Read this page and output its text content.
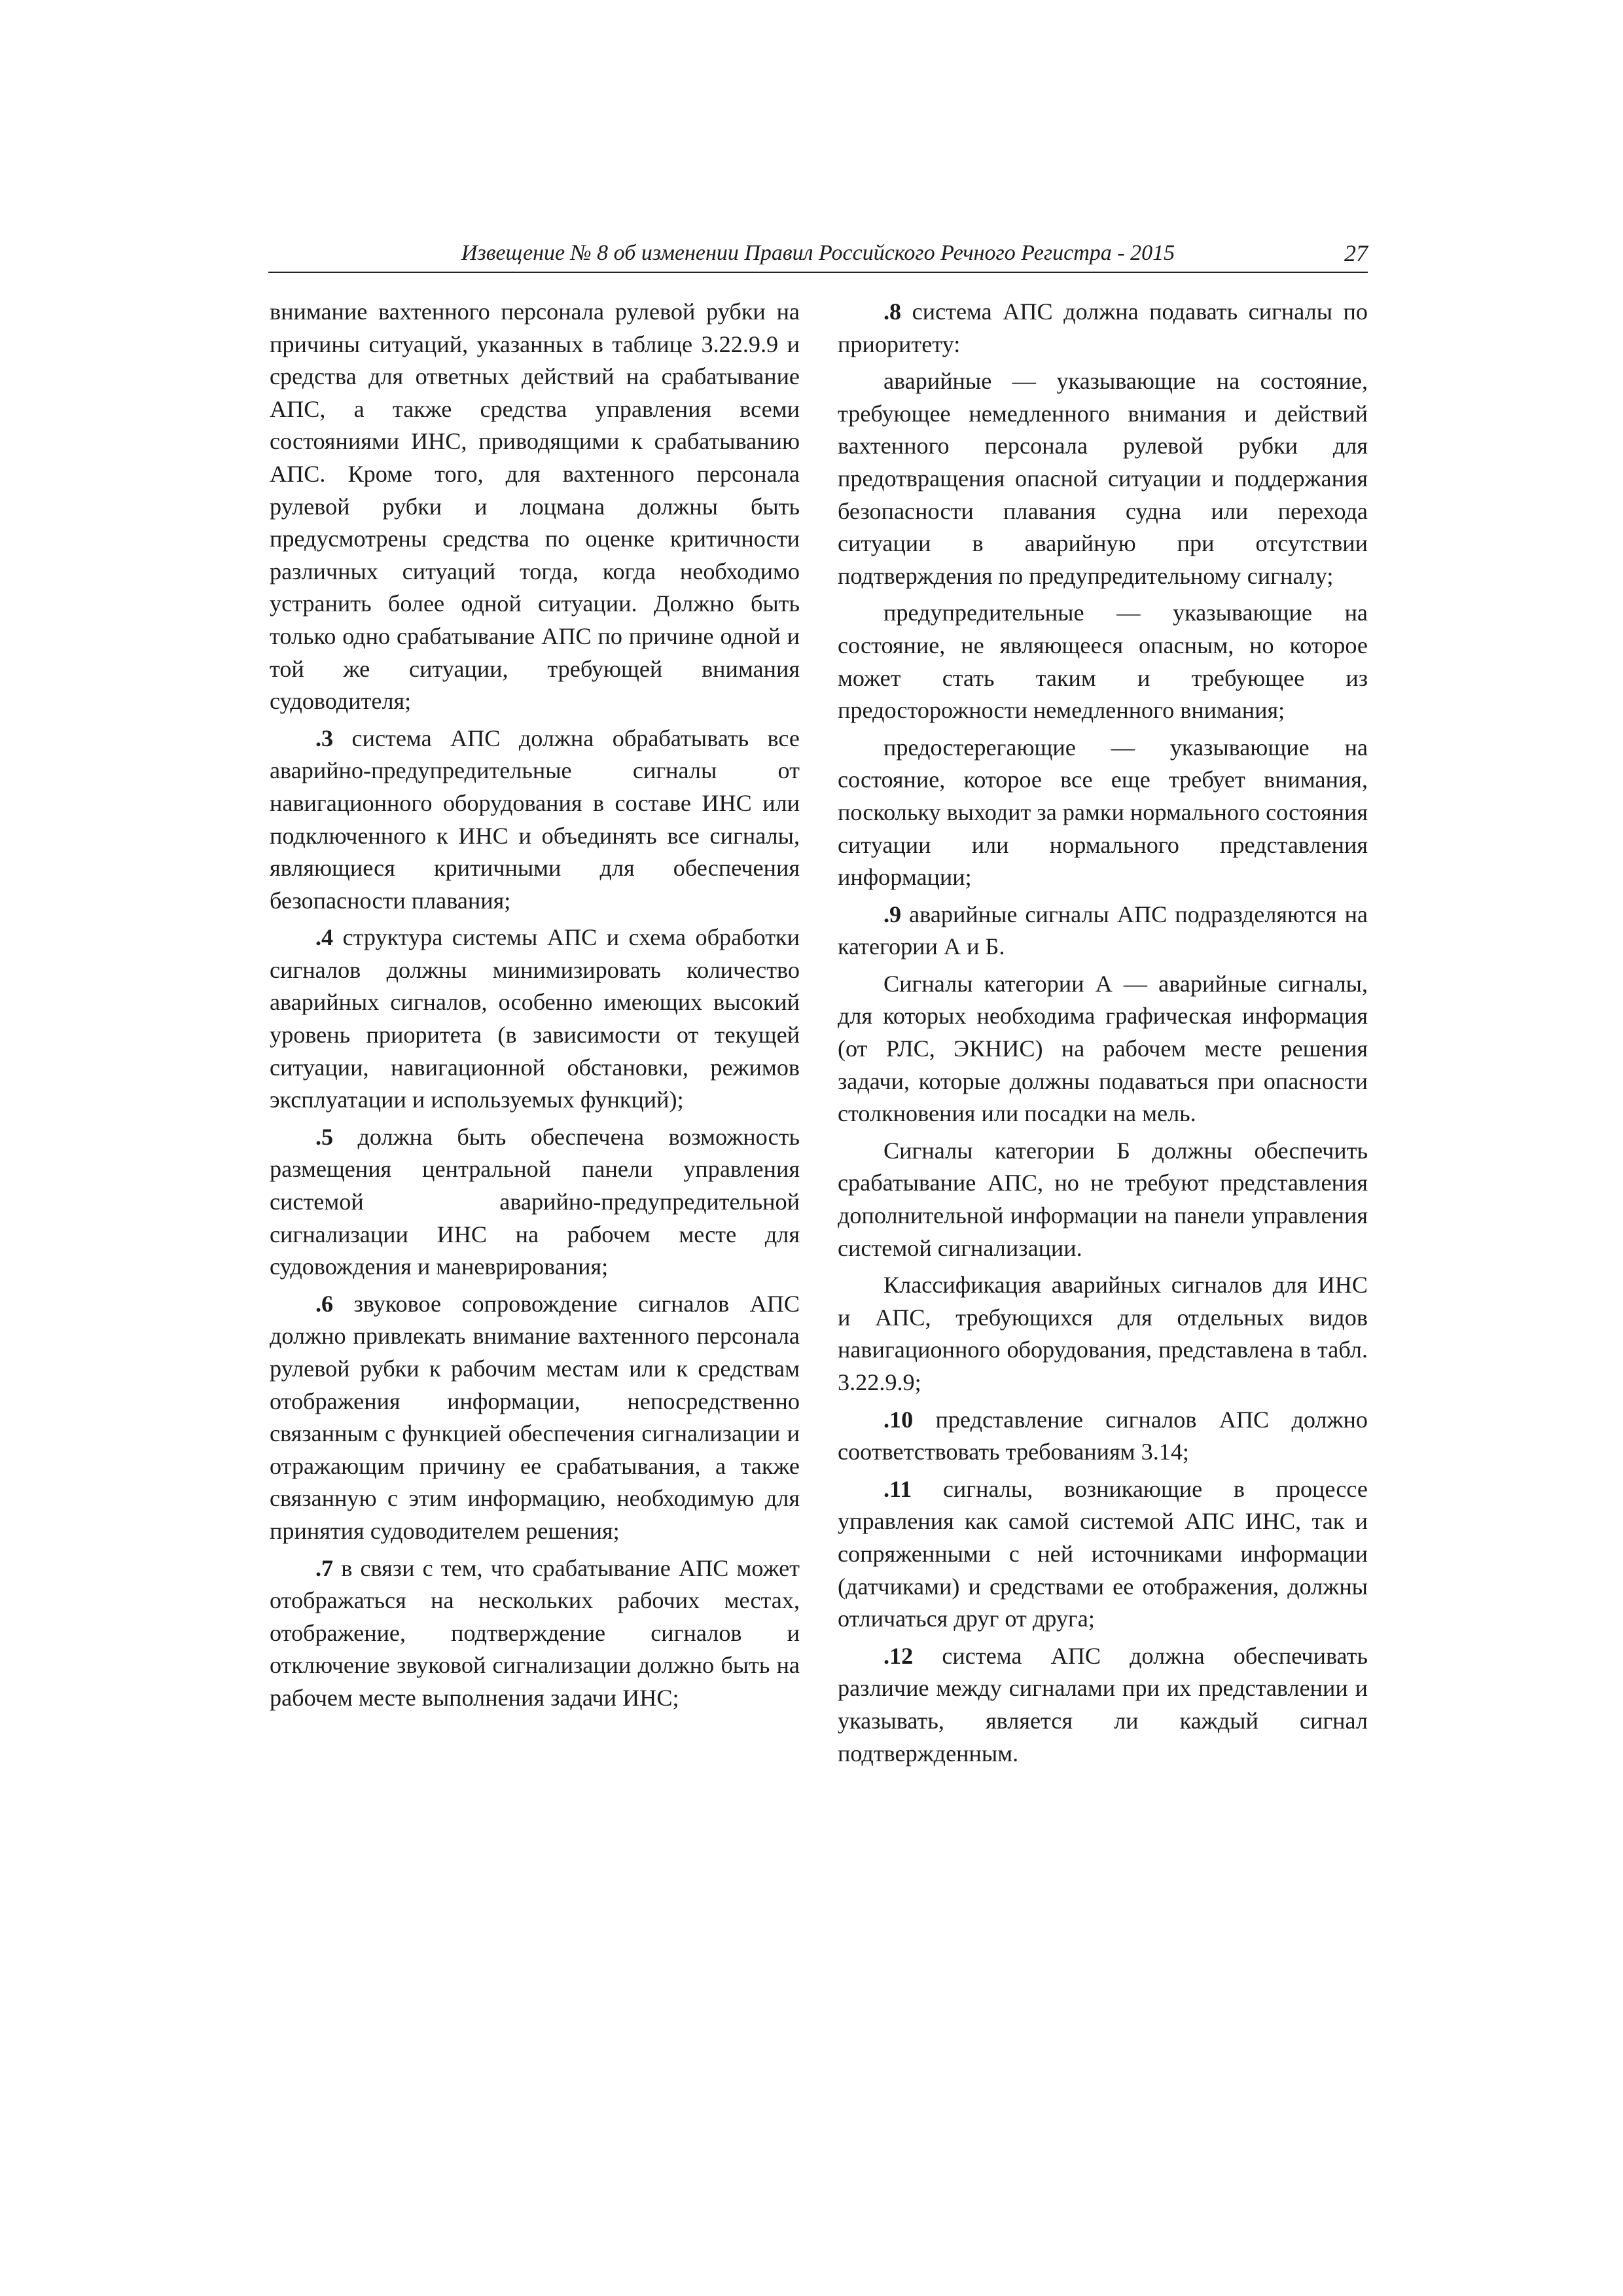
Извещение № 8 об изменении Правил Российского Речного Регистра - 2015	27

внимание вахтенного персонала рулевой рубки на причины ситуаций, указанных в таблице 3.22.9.9 и средства для ответных действий на срабатывание АПС, а также средства управления всеми состояниями ИНС, приводящими к срабатыванию АПС. Кроме того, для вахтенного персонала рулевой рубки и лоцмана должны быть предусмотрены средства по оценке критичности различных ситуаций тогда, когда необходимо устранить более одной ситуации. Должно быть только одно срабатывание АПС по причине одной и той же ситуации, требующей внимания судоводителя;

.3 система АПС должна обрабатывать все аварийно-предупредительные сигналы от навигационного оборудования в составе ИНС или подключенного к ИНС и объединять все сигналы, являющиеся критичными для обеспечения безопасности плавания;

.4 структура системы АПС и схема обработки сигналов должны минимизировать количество аварийных сигналов, особенно имеющих высокий уровень приоритета (в зависимости от текущей ситуации, навигационной обстановки, режимов эксплуатации и используемых функций);

.5 должна быть обеспечена возможность размещения центральной панели управления системой аварийно-предупредительной сигнализации ИНС на рабочем месте для судовождения и маневрирования;

.6 звуковое сопровождение сигналов АПС должно привлекать внимание вахтенного персонала рулевой рубки к рабочим местам или к средствам отображения информации, непосредственно связанным с функцией обеспечения сигнализации и отражающим причину ее срабатывания, а также связанную с этим информацию, необходимую для принятия судоводителем решения;

.7 в связи с тем, что срабатывание АПС может отображаться на нескольких рабочих местах, отображение, подтверждение сигналов и отключение звуковой сигнализации должно быть на рабочем месте выполнения задачи ИНС;

.8 система АПС должна подавать сигналы по приоритету:

аварийные — указывающие на состояние, требующее немедленного внимания и действий вахтенного персонала рулевой рубки для предотвращения опасной ситуации и поддержания безопасности плавания судна или перехода ситуации в аварийную при отсутствии подтверждения по предупредительному сигналу;

предупредительные — указывающие на состояние, не являющееся опасным, но которое может стать таким и требующее из предосторожности немедленного внимания;

предостерегающие — указывающие на состояние, которое все еще требует внимания, поскольку выходит за рамки нормального состояния ситуации или нормального представления информации;

.9 аварийные сигналы АПС подразделяются на категории А и Б.

Сигналы категории А — аварийные сигналы, для которых необходима графическая информация (от РЛС, ЭКНИС) на рабочем месте решения задачи, которые должны подаваться при опасности столкновения или посадки на мель.

Сигналы категории Б должны обеспечить срабатывание АПС, но не требуют представления дополнительной информации на панели управления системой сигнализации.

Классификация аварийных сигналов для ИНС и АПС, требующихся для отдельных видов навигационного оборудования, представлена в табл. 3.22.9.9;

.10 представление сигналов АПС должно соответствовать требованиям 3.14;

.11 сигналы, возникающие в процессе управления как самой системой АПС ИНС, так и сопряженными с ней источниками информации (датчиками) и средствами ее отображения, должны отличаться друг от друга;

.12 система АПС должна обеспечивать различие между сигналами при их представлении и указывать, является ли каждый сигнал подтвержденным.
